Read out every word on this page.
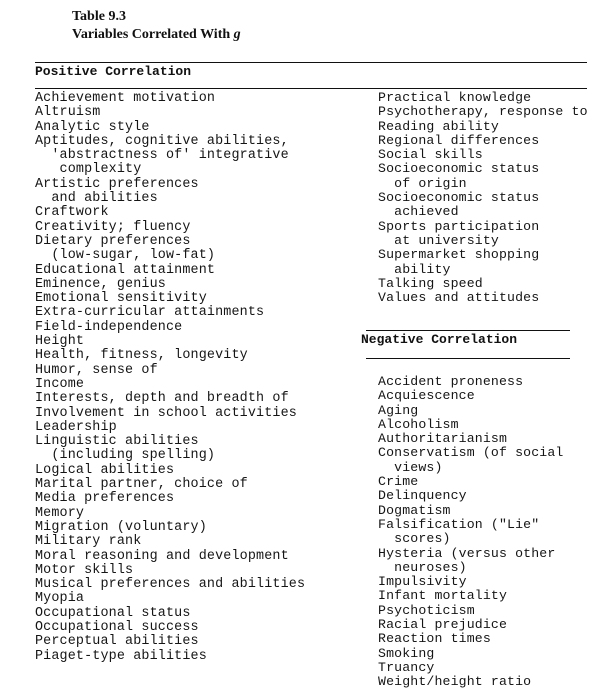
Table 9.3
Variables Correlated With g
Positive Correlation
Achievement motivation
Altruism
Analytic style
Aptitudes, cognitive abilities,
'abstractness of' integrative
complexity
Artistic preferences
and abilities
Craftwork
Creativity; fluency
Dietary preferences
(low-sugar, low-fat)
Educational attainment
Eminence, genius
Emotional sensitivity
Extra-curricular attainments
Field-independence
Height
Health, fitness, longevity
Humor, sense of
Income
Interests, depth and breadth of
Involvement in school activities
Leadership
Linguistic abilities
(including spelling)
Logical abilities
Marital partner, choice of
Media preferences
Memory
Migration (voluntary)
Military rank
Moral reasoning and development
Motor skills
Musical preferences and abilities
Myopia
Occupational status
Occupational success
Perceptual abilities
Piaget-type abilities
Practical knowledge
Psychotherapy, response to
Reading ability
Regional differences
Social skills
Socioeconomic status
of origin
Socioeconomic status
achieved
Sports participation
at university
Supermarket shopping
ability
Talking speed
Values and attitudes
Negative Correlation
Accident proneness
Acquiescence
Aging
Alcoholism
Authoritarianism
Conservatism (of social
views)
Crime
Delinquency
Dogmatism
Falsification ("Lie"
scores)
Hysteria (versus other
neuroses)
Impulsivity
Infant mortality
Psychoticism
Racial prejudice
Reaction times
Smoking
Truancy
Weight/height ratio
